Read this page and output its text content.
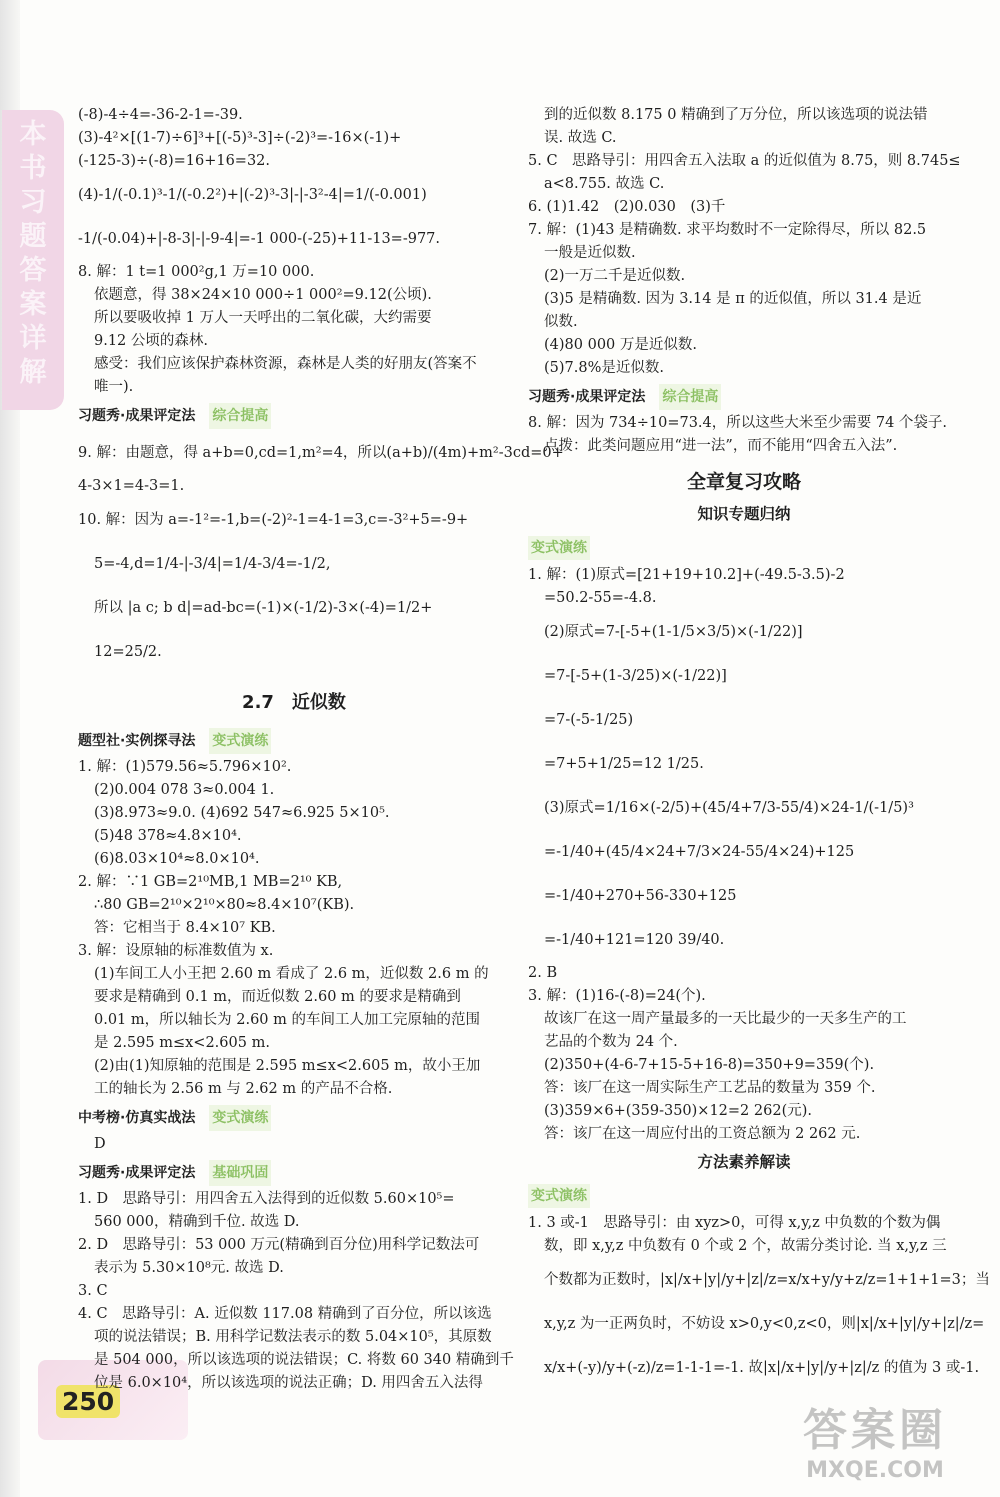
本
书
习
题
答
案
详
解
250
(-8)-4÷4=-36-2-1=-39.
(3)-4²×[(1-7)÷6]³+[(-5)³-3]÷(-2)³=-16×(-1)+
(-125-3)÷(-8)=16+16=32.
(4)-1/(-0.1)³-1/(-0.2²)+|(-2)³-3|-|-3²-4|=1/(-0.001)
-1/(-0.04)+|-8-3|-|-9-4|=-1 000-(-25)+11-13=-977.
8. 解：1 t=1 000²g,1 万=10 000.
依题意，得 38×24×10 000÷1 000²=9.12(公顷).
所以要吸收掉 1 万人一天呼出的二氧化碳，大约需要
9.12 公顷的森林.
感受：我们应该保护森林资源，森林是人类的好朋友(答案不
唯一).
习题秀·成果评定法 综合提高
9. 解：由题意，得 a+b=0,cd=1,m²=4，所以(a+b)/(4m)+m²-3cd=0+
4-3×1=4-3=1.
10. 解：因为 a=-1²=-1,b=(-2)²-1=4-1=3,c=-3²+5=-9+
5=-4,d=1/4-|-3/4|=1/4-3/4=-1/2,
所以 |a c; b d|=ad-bc=(-1)×(-1/2)-3×(-4)=1/2+
12=25/2.
2.7　近似数
题型社·实例探寻法 变式演练
1. 解：(1)579.56≈5.796×10².
(2)0.004 078 3≈0.004 1.
(3)8.973≈9.0. (4)692 547≈6.925 5×10⁵.
(5)48 378≈4.8×10⁴.
(6)8.03×10⁴≈8.0×10⁴.
2. 解：∵1 GB=2¹⁰MB,1 MB=2¹⁰ KB,
∴80 GB=2¹⁰×2¹⁰×80≈8.4×10⁷(KB).
答：它相当于 8.4×10⁷ KB.
3. 解：设原轴的标准数值为 x.
(1)车间工人小王把 2.60 m 看成了 2.6 m，近似数 2.6 m 的
要求是精确到 0.1 m，而近似数 2.60 m 的要求是精确到
0.01 m，所以轴长为 2.60 m 的车间工人加工完原轴的范围
是 2.595 m≤x<2.605 m.
(2)由(1)知原轴的范围是 2.595 m≤x<2.605 m，故小王加
工的轴长为 2.56 m 与 2.62 m 的产品不合格.
中考榜·仿真实战法 变式演练
D
习题秀·成果评定法 基础巩固
1. D　思路导引：用四舍五入法得到的近似数 5.60×10⁵=
560 000，精确到千位. 故选 D.
2. D　思路导引：53 000 万元(精确到百分位)用科学记数法可
表示为 5.30×10⁸元. 故选 D.
3. C
4. C　思路导引：A. 近似数 117.08 精确到了百分位，所以该选
项的说法错误；B. 用科学记数法表示的数 5.04×10⁵，其原数
是 504 000，所以该选项的说法错误；C. 将数 60 340 精确到千
位是 6.0×10⁴，所以该选项的说法正确；D. 用四舍五入法得
到的近似数 8.175 0 精确到了万分位，所以该选项的说法错
误. 故选 C.
5. C　思路导引：用四舍五入法取 a 的近似值为 8.75，则 8.745≤
a<8.755. 故选 C.
6. (1)1.42　(2)0.030　(3)千
7. 解：(1)43 是精确数. 求平均数时不一定除得尽，所以 82.5
一般是近似数.
(2)一万二千是近似数.
(3)5 是精确数. 因为 3.14 是 π 的近似值，所以 31.4 是近
似数.
(4)80 000 万是近似数.
(5)7.8%是近似数.
习题秀·成果评定法 综合提高
8. 解：因为 734÷10=73.4，所以这些大米至少需要 74 个袋子.
点拨：此类问题应用“进一法”，而不能用“四舍五入法”.
全章复习攻略
知识专题归纳
变式演练
1. 解：(1)原式=[21+19+10.2]+(-49.5-3.5)-2
=50.2-55=-4.8.
(2)原式=7-[-5+(1-1/5×3/5)×(-1/22)]
=7-[-5+(1-3/25)×(-1/22)]
=7-(-5-1/25)
=7+5+1/25=12 1/25.
(3)原式=1/16×(-2/5)+(45/4+7/3-55/4)×24-1/(-1/5)³
=-1/40+(45/4×24+7/3×24-55/4×24)+125
=-1/40+270+56-330+125
=-1/40+121=120 39/40.
2. B
3. 解：(1)16-(-8)=24(个).
故该厂在这一周产量最多的一天比最少的一天多生产的工
艺品的个数为 24 个.
(2)350+(4-6-7+15-5+16-8)=350+9=359(个).
答：该厂在这一周实际生产工艺品的数量为 359 个.
(3)359×6+(359-350)×12=2 262(元).
答：该厂在这一周应付出的工资总额为 2 262 元.
方法素养解读
变式演练
1. 3 或-1　思路导引：由 xyz>0，可得 x,y,z 中负数的个数为偶
数，即 x,y,z 中负数有 0 个或 2 个，故需分类讨论. 当 x,y,z 三
个数都为正数时，|x|/x+|y|/y+|z|/z=x/x+y/y+z/z=1+1+1=3；当
x,y,z 为一正两负时，不妨设 x>0,y<0,z<0，则|x|/x+|y|/y+|z|/z=
x/x+(-y)/y+(-z)/z=1-1-1=-1. 故|x|/x+|y|/y+|z|/z 的值为 3 或-1.
答案圈
MXQE.COM
